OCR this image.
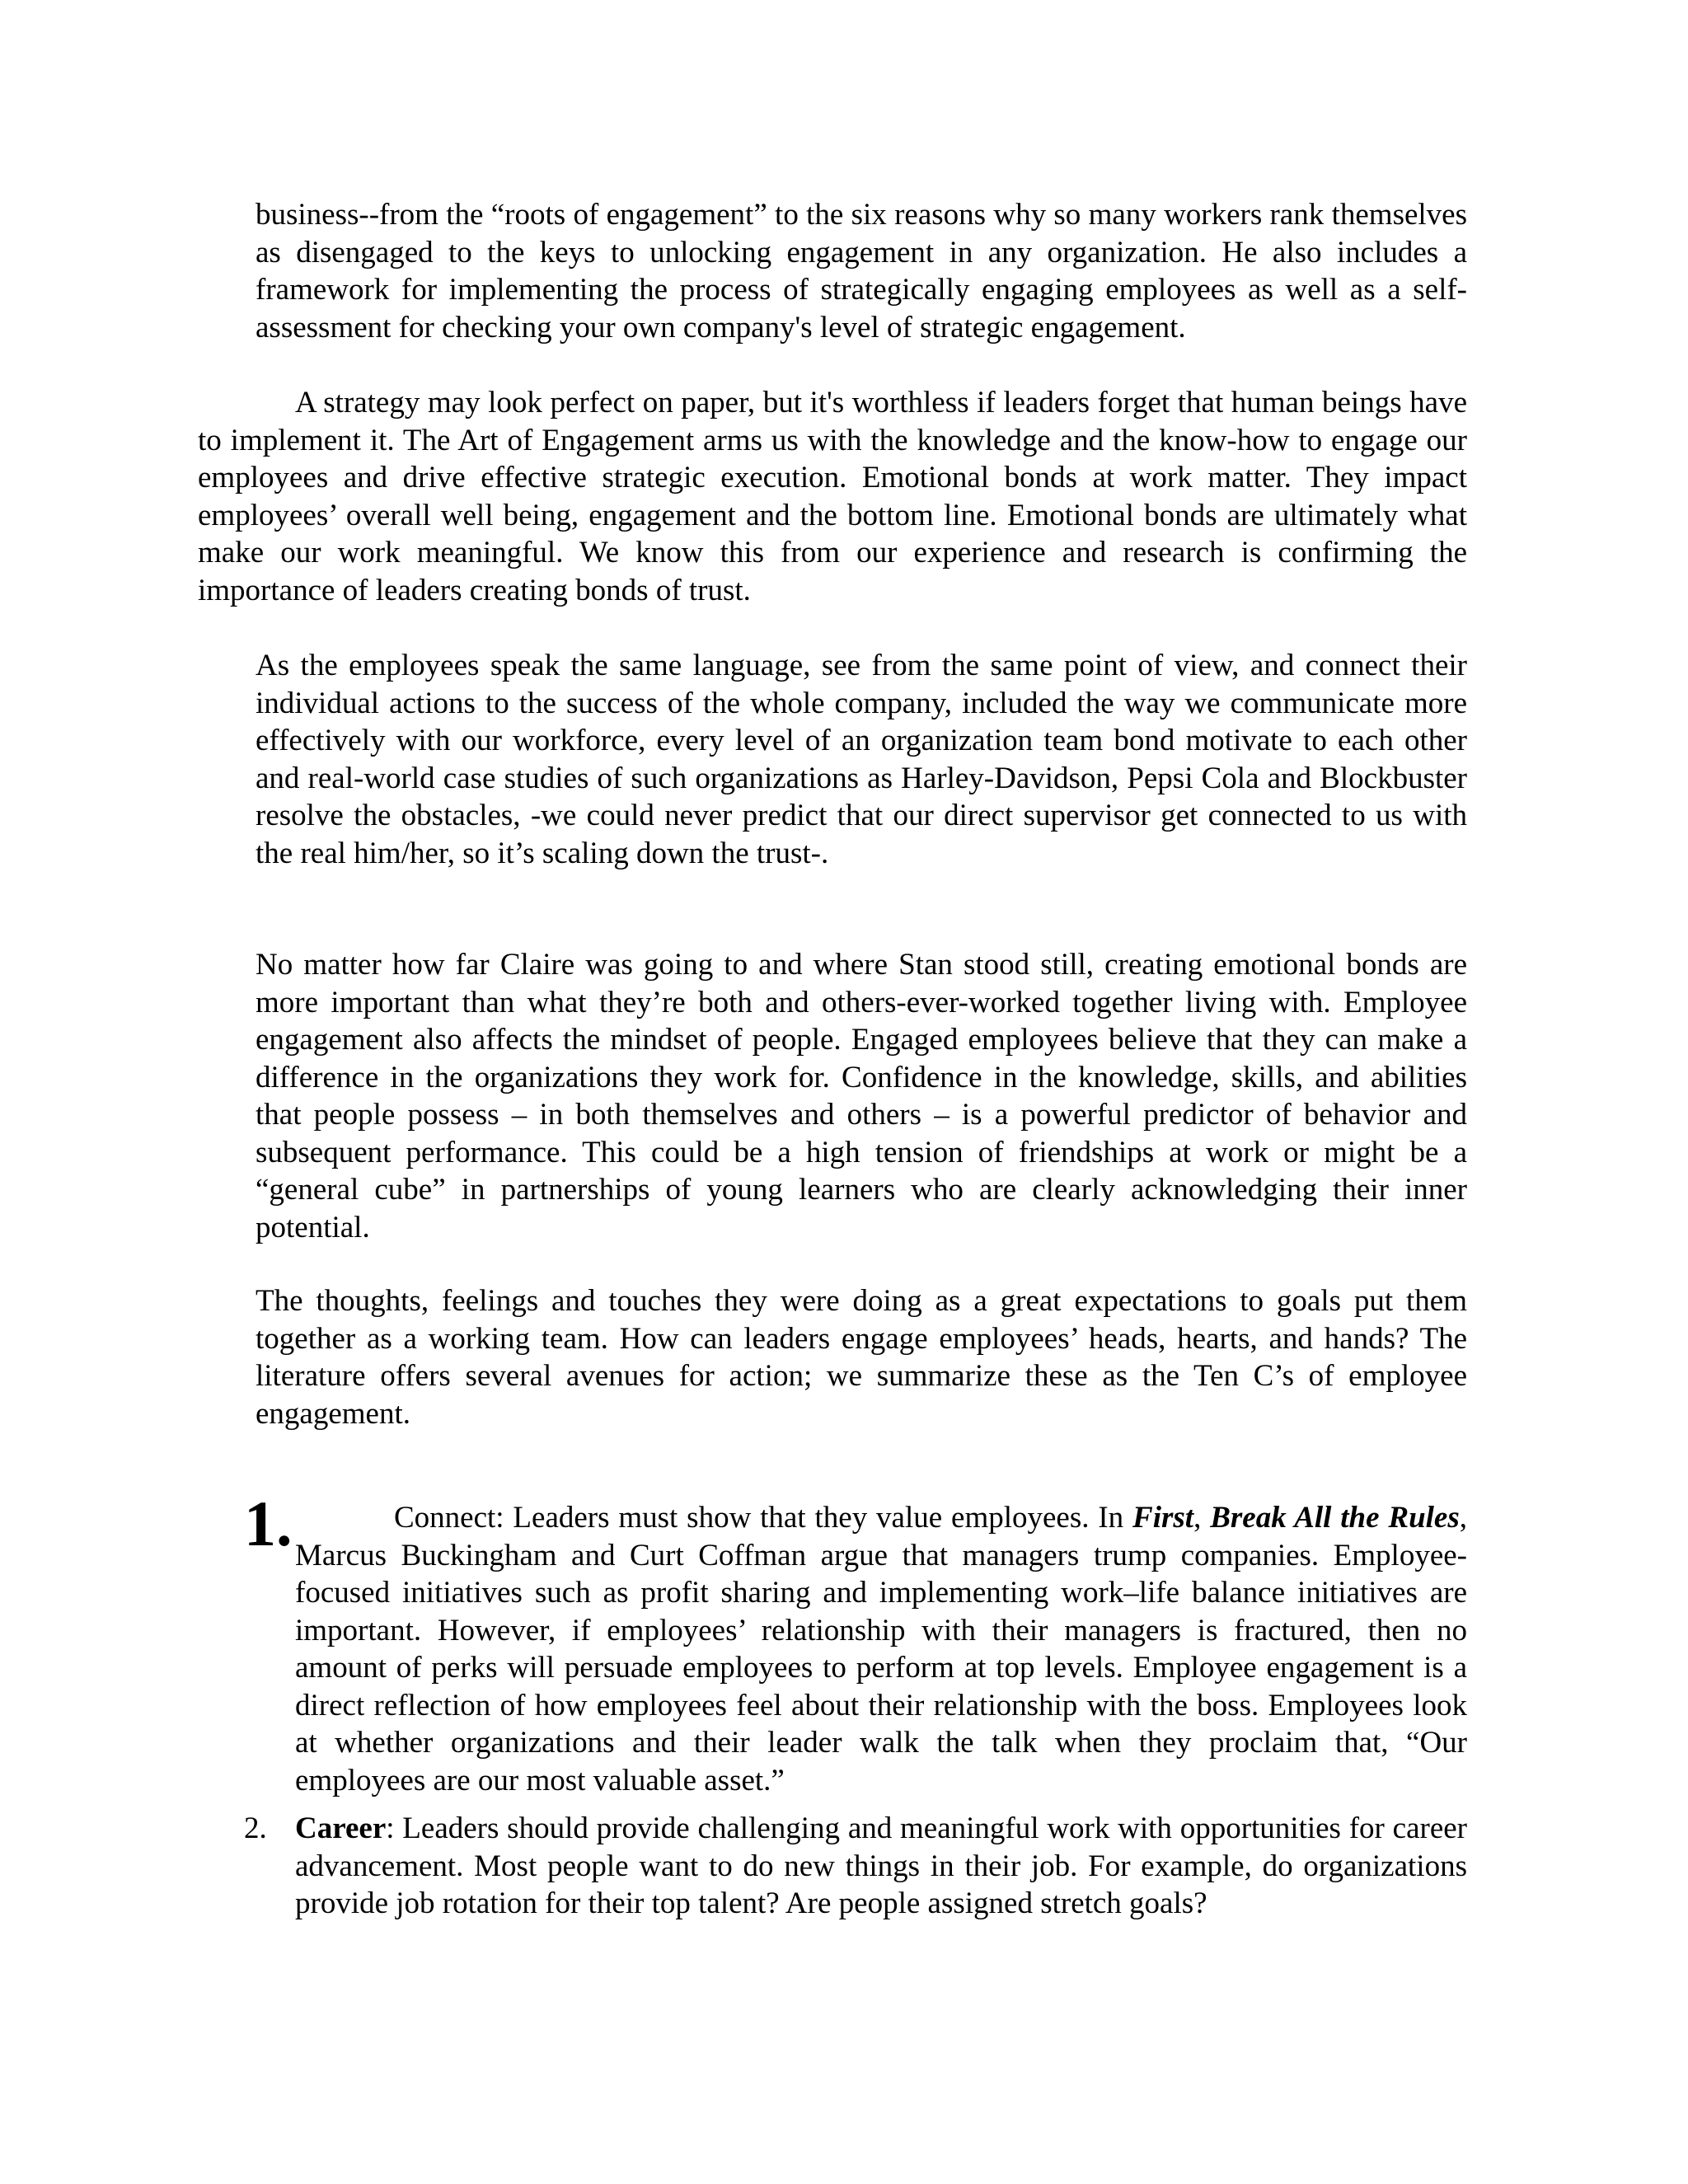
business--from the “roots of engagement” to the six reasons why so many workers rank themselves as disengaged to the keys to unlocking engagement in any organization. He also includes a framework for implementing the process of strategically engaging employees as well as a self-assessment for checking your own company's level of strategic engagement.

A strategy may look perfect on paper, but it's worthless if leaders forget that human beings have to implement it. The Art of Engagement arms us with the knowledge and the know-how to engage our employees and drive effective strategic execution. Emotional bonds at work matter. They impact employees’ overall well being, engagement and the bottom line. Emotional bonds are ultimately what make our work meaningful. We know this from our experience and research is confirming the importance of leaders creating bonds of trust.

As the employees speak the same language, see from the same point of view, and connect their individual actions to the success of the whole company, included the way we communicate more effectively with our workforce, every level of an organization team bond motivate to each other and real-world case studies of such organizations as Harley-Davidson, Pepsi Cola and Blockbuster resolve the obstacles, -we could never predict that our direct supervisor get connected to us with the real him/her, so it’s scaling down the trust-.

No matter how far Claire was going to and where Stan stood still, creating emotional bonds are more important than what they’re both and others-ever-worked together living with. Employee engagement also affects the mindset of people. Engaged employees believe that they can make a difference in the organizations they work for. Confidence in the knowledge, skills, and abilities that people possess – in both themselves and others – is a powerful predictor of behavior and subsequent performance. This could be a high tension of friendships at work or might be a “general cube” in partnerships of young learners who are clearly acknowledging their inner potential.

The thoughts, feelings and touches they were doing as a great expectations to goals put them together as a working team. How can leaders engage employees’ heads, hearts, and hands? The literature offers several avenues for action; we summarize these as the Ten C’s of employee engagement.

1.	Connect: Leaders must show that they value employees. In First, Break All the Rules, Marcus Buckingham and Curt Coffman argue that managers trump companies. Employee-focused initiatives such as profit sharing and implementing work–life balance initiatives are important. However, if employees’ relationship with their managers is fractured, then no amount of perks will persuade employees to perform at top levels. Employee engagement is a direct reflection of how employees feel about their relationship with the boss. Employees look at whether organizations and their leader walk the talk when they proclaim that, “Our employees are our most valuable asset.”

2. Career: Leaders should provide challenging and meaningful work with opportunities for career advancement. Most people want to do new things in their job. For example, do organizations provide job rotation for their top talent? Are people assigned stretch goals?
